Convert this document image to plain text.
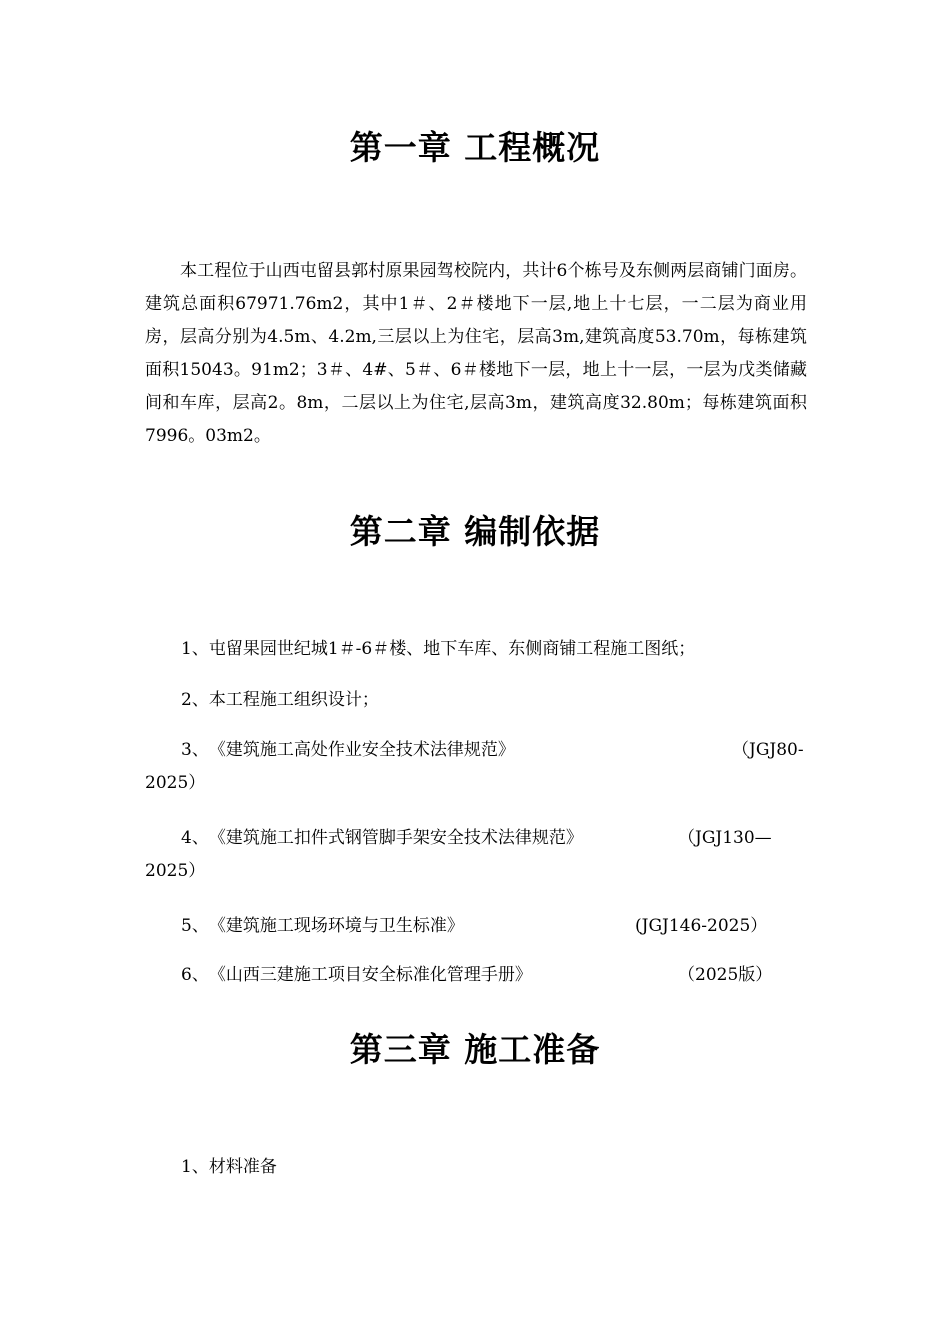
第一章 工程概况

本工程位于山西屯留县郭村原果园驾校院内，共计6个栋号及东侧两层商铺门面房。建筑总面积67971.76m2，其中1＃、2＃楼地下一层,地上十七层，一二层为商业用房，层高分别为4.5m、4.2m,三层以上为住宅，层高3m,建筑高度53.70m，每栋建筑面积15043。91m2；3＃、4#、5＃、6＃楼地下一层，地上十一层，一层为戊类储藏间和车库，层高2。8m，二层以上为住宅,层高3m，建筑高度32.80m；每栋建筑面积7996。03m2。

第二章 编制依据
1、屯留果园世纪城1＃-6＃楼、地下车库、东侧商铺工程施工图纸；
2、本工程施工组织设计；
3、《建筑施工高处作业安全技术法律规范》	（JGJ80-
2025）
4、《建筑施工扣件式钢管脚手架安全技术法律规范》	（JGJ130—
2025）
5、《建筑施工现场环境与卫生标准》	(JGJ146-2025）
6、《山西三建施工项目安全标准化管理手册》	（2025版）
第三章 施工准备
1、材料准备
